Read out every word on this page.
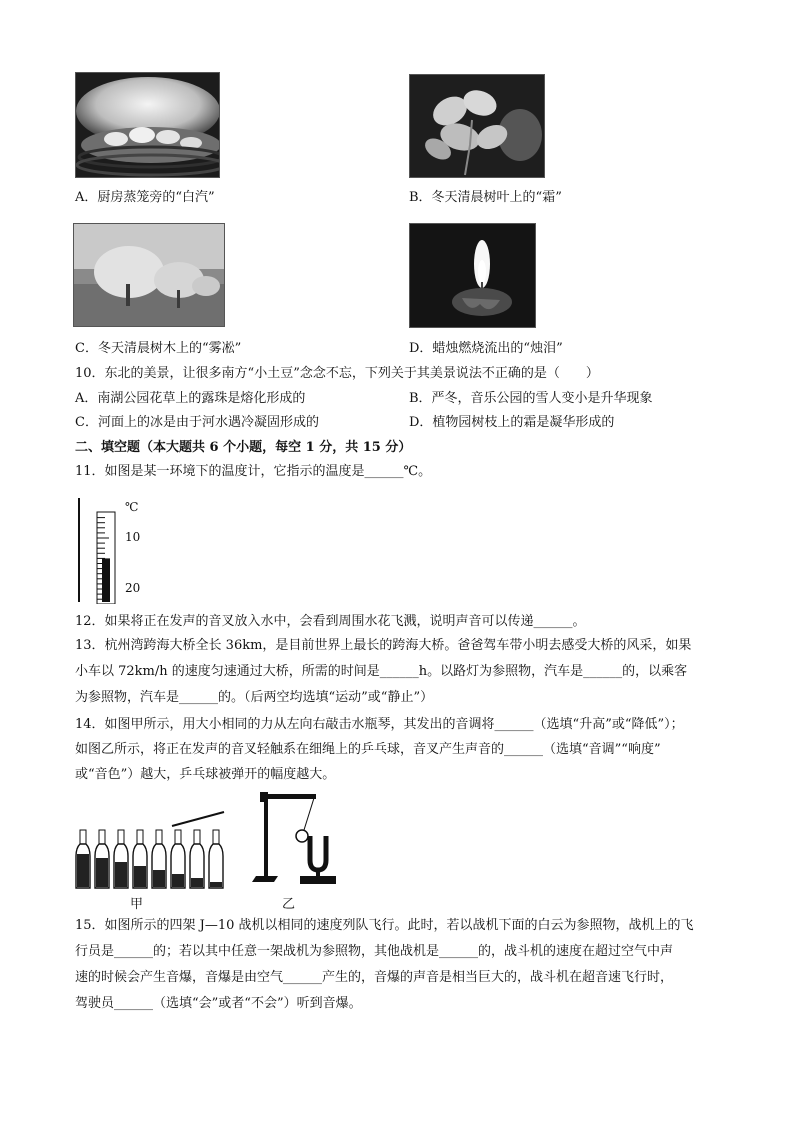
A．厨房蒸笼旁的“白汽”	B．冬天清晨树叶上的“霜”
C．冬天清晨树木上的“雾凇”	D．蜡烛燃烧流出的“烛泪”
10．东北的美景，让很多南方“小土豆”念念不忘，下列关于其美景说法不正确的是（　　）
A．南湖公园花草上的露珠是熔化形成的	B．严冬，音乐公园的雪人变小是升华现象
C．河面上的冰是由于河水遇冷凝固形成的	D．植物园树枝上的霜是凝华形成的
二、填空题（本大题共 6 个小题，每空 1 分，共 15 分）
11．如图是某一环境下的温度计，它指示的温度是______℃。
℃
10
20
12．如果将正在发声的音叉放入水中，会看到周围水花飞溅，说明声音可以传递______。
13．杭州湾跨海大桥全长 36km，是目前世界上最长的跨海大桥。爸爸驾车带小明去感受大桥的风采，如果
小车以 72km/h 的速度匀速通过大桥，所需的时间是______h。以路灯为参照物，汽车是______的，以乘客
为参照物，汽车是______的。（后两空均选填“运动”或“静止”）
14．如图甲所示，用大小相同的力从左向右敲击水瓶琴，其发出的音调将______（选填“升高”或“降低”）；
如图乙所示，将正在发声的音叉轻触系在细绳上的乒乓球，音叉产生声音的______（选填“音调”“响度”
或“音色”）越大，乒乓球被弹开的幅度越大。
甲	乙
15．如图所示的四架 J—10 战机以相同的速度列队飞行。此时，若以战机下面的白云为参照物，战机上的飞
行员是______的；若以其中任意一架战机为参照物，其他战机是______的，战斗机的速度在超过空气中声
速的时候会产生音爆，音爆是由空气______产生的，音爆的声音是相当巨大的，战斗机在超音速飞行时，
驾驶员______（选填“会”或者“不会”）听到音爆。
